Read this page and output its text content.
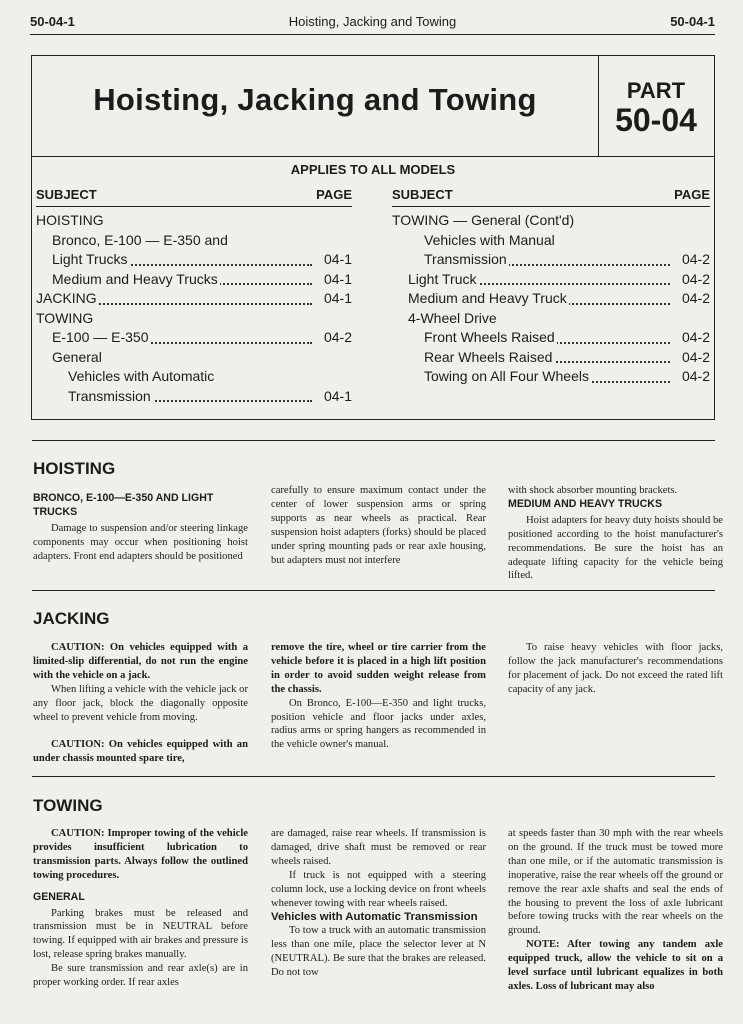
50-04-1	Hoisting, Jacking and Towing	50-04-1
Hoisting, Jacking and Towing	PART
50-04
APPLIES TO ALL MODELS
SUBJECT	PAGE
HOISTING
Bronco, E-100 — E-350 and
Light Trucks	04-1
Medium and Heavy Trucks	04-1
JACKING	04-1
TOWING
E-100 — E-350	04-2
General
Vehicles with Automatic
Transmission	04-1
SUBJECT	PAGE
TOWING — General (Cont'd)
Vehicles with Manual
Transmission	04-2
Light Truck	04-2
Medium and Heavy Truck	04-2
4-Wheel Drive
Front Wheels Raised	04-2
Rear Wheels Raised	04-2
Towing on All Four Wheels	04-2
HOISTING
BRONCO, E-100—E-350 AND LIGHT TRUCKS

Damage to suspension and/or steering linkage components may occur when positioning hoist adapters. Front end adapters should be positioned

carefully to ensure maximum contact under the center of lower suspension arms or spring supports as near wheels as practical. Rear suspension hoist adapters (forks) should be placed under spring mounting pads or rear axle housing, but adapters must not interfere

with shock absorber mounting brackets.

MEDIUM AND HEAVY TRUCKS

Hoist adapters for heavy duty hoists should be positioned according to the hoist manufacturer's recommendations. Be sure the hoist has an adequate lifting capacity for the vehicle being lifted.

JACKING

CAUTION: On vehicles equipped with a limited-slip differential, do not run the engine with the vehicle on a jack.

When lifting a vehicle with the vehicle jack or any floor jack, block the diagonally opposite wheel to prevent vehicle from moving.

CAUTION: On vehicles equipped with an under chassis mounted spare tire,

remove the tire, wheel or tire carrier from the vehicle before it is placed in a high lift position in order to avoid sudden weight release from the chassis.

On Bronco, E-100—E-350 and light trucks, position vehicle and floor jacks under axles, radius arms or spring hangers as recommended in the vehicle owner's manual.

To raise heavy vehicles with floor jacks, follow the jack manufacturer's recommendations for placement of jack. Do not exceed the rated lift capacity of any jack.

TOWING

CAUTION: Improper towing of the vehicle provides insufficient lubrication to transmission parts. Always follow the outlined towing procedures.

GENERAL

Parking brakes must be released and transmission must be in NEUTRAL before towing. If equipped with air brakes and pressure is lost, release spring brakes manually.

Be sure transmission and rear axle(s) are in proper working order. If rear axles

are damaged, raise rear wheels. If transmission is damaged, drive shaft must be removed or rear wheels raised.

If truck is not equipped with a steering column lock, use a locking device on front wheels whenever towing with rear wheels raised.

Vehicles with Automatic Transmission

To tow a truck with an automatic transmission less than one mile, place the selector lever at N (NEUTRAL). Be sure that the brakes are released. Do not tow

at speeds faster than 30 mph with the rear wheels on the ground. If the truck must be towed more than one mile, or if the automatic transmission is inoperative, raise the rear wheels off the ground or remove the rear axle shafts and seal the ends of the housing to prevent the loss of axle lubricant before towing trucks with the rear wheels on the ground.

NOTE: After towing any tandem axle equipped truck, allow the vehicle to sit on a level surface until lubricant equalizes in both axles. Loss of lubricant may also
